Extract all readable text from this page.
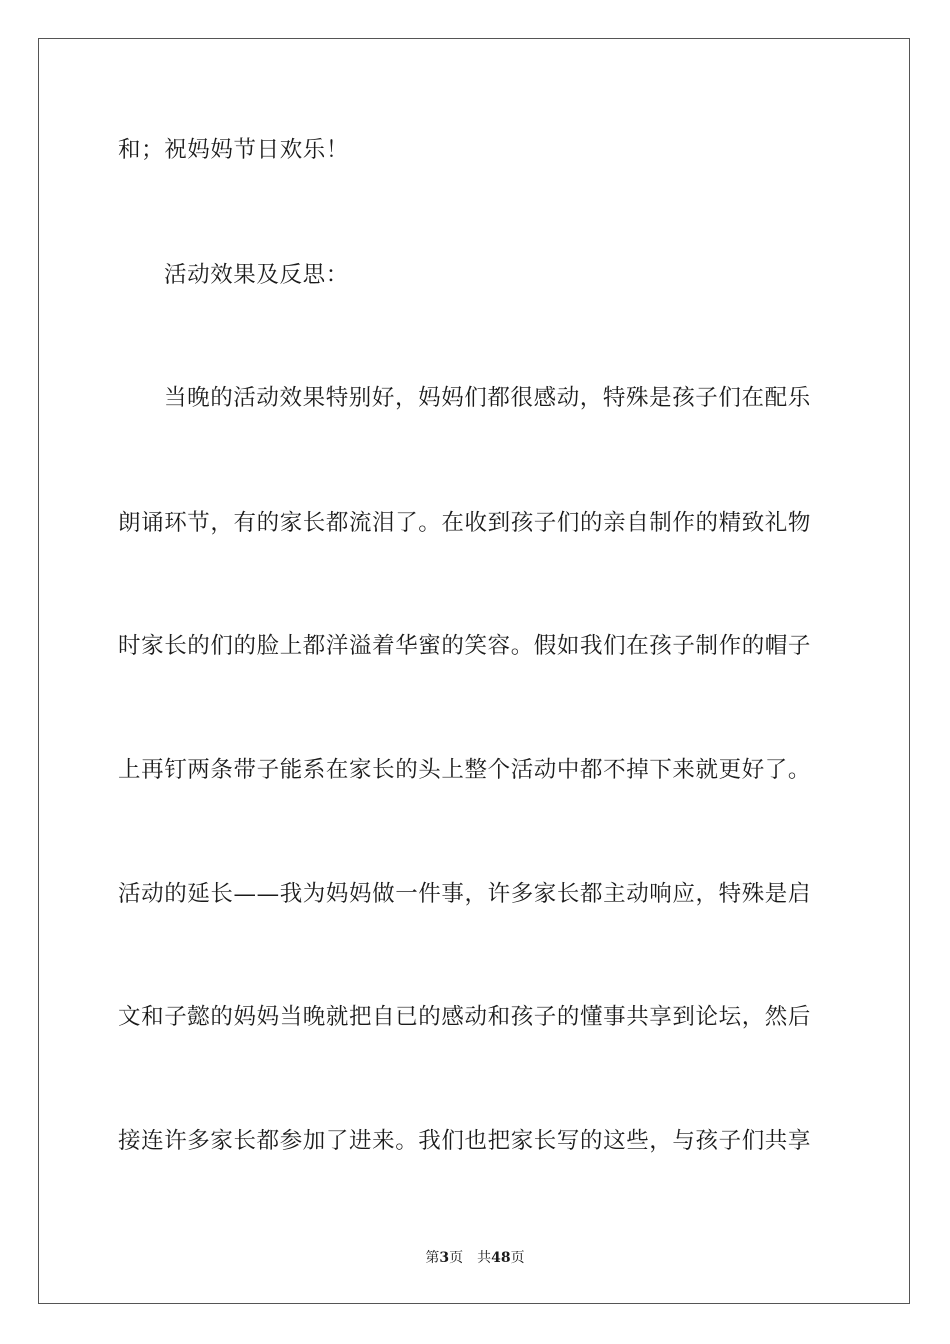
和；祝妈妈节日欢乐！
活动效果及反思：
当晚的活动效果特别好，妈妈们都很感动，特殊是孩子们在配乐
朗诵环节，有的家长都流泪了。在收到孩子们的亲自制作的精致礼物
时家长的们的脸上都洋溢着华蜜的笑容。假如我们在孩子制作的帽子
上再钉两条带子能系在家长的头上整个活动中都不掉下来就更好了。
活动的延长——我为妈妈做一件事，许多家长都主动响应，特殊是启
文和子懿的妈妈当晚就把自已的感动和孩子的懂事共享到论坛，然后
接连许多家长都参加了进来。我们也把家长写的这些，与孩子们共享
第3页 共48页
